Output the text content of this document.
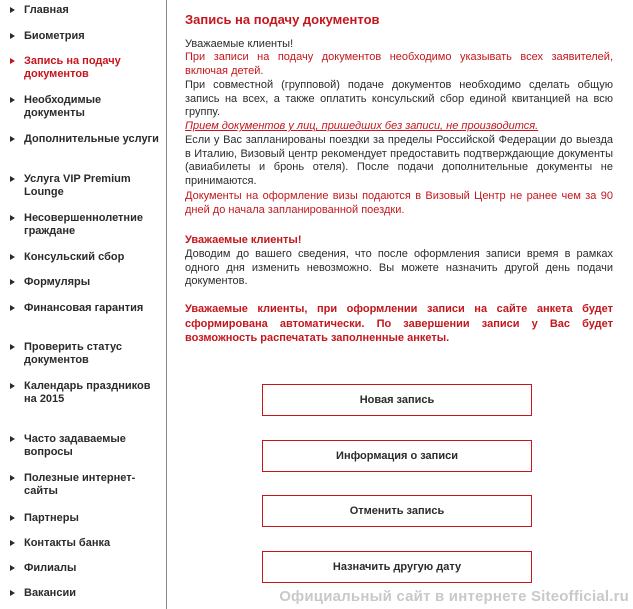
Главная
Биометрия
Запись на подачу документов
Необходимые документы
Дополнительные услуги
Услуга VIP Premium Lounge
Несовершеннолетние граждане
Консульский сбор
Формуляры
Финансовая гарантия
Проверить статус документов
Календарь праздников на 2015
Часто задаваемые вопросы
Полезные интернет-сайты
Партнеры
Контакты банка
Филиалы
Вакансии
Запись на подачу документов
Уважаемые клиенты!
При записи на подачу документов необходимо указывать всех заявителей, включая детей.
При совместной (групповой) подаче документов необходимо сделать общую запись на всех, а также оплатить консульский сбор единой квитанцией на всю группу.
Прием документов у лиц, пришедших без записи, не производится.
Если у Вас запланированы поездки за пределы Российской Федерации до выезда в Италию, Визовый центр рекомендует предоставить подтверждающие документы (авиабилеты и бронь отеля). После подачи дополнительные документы не принимаются.
Документы на оформление визы подаются в Визовый Центр не ранее чем за 90 дней до начала запланированной поездки.
Уважаемые клиенты!
Доводим до вашего сведения, что после оформления записи время в рамках одного дня изменить невозможно. Вы можете назначить другой день подачи документов.
Уважаемые клиенты, при оформлении записи на сайте анкета будет сформирована автоматически. По завершении записи у Вас будет возможность распечатать заполненные анкеты.
Новая запись
Информация о записи
Отменить запись
Назначить другую дату
Официальный сайт в интернете Siteofficial.ru
